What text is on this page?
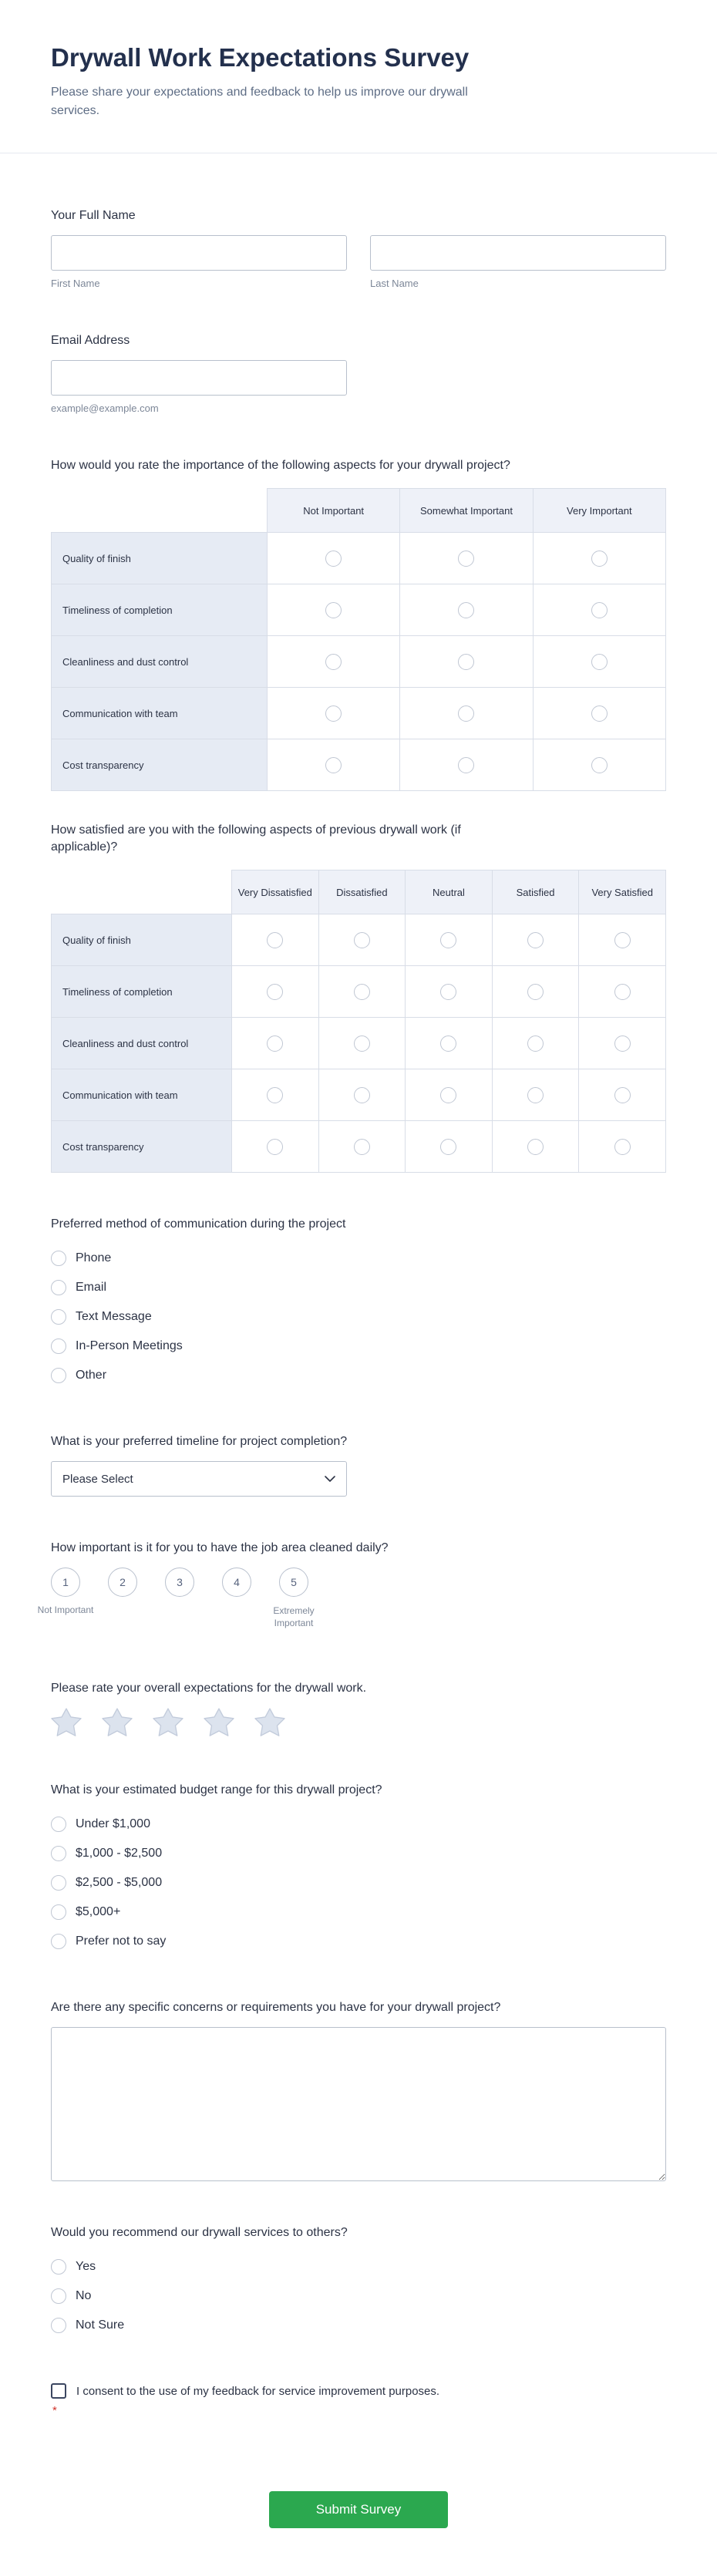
Drywall Work Expectations Survey
Please share your expectations and feedback to help us improve our drywall services.
Your Full Name
First Name	Last Name
Email Address
example@example.com
How would you rate the importance of the following aspects for your drywall project?
	Not Important	Somewhat Important	Very Important
Quality of finish			
Timeliness of completion			
Cleanliness and dust control			
Communication with team			
Cost transparency			
How satisfied are you with the following aspects of previous drywall work (if applicable)?
	Very Dissatisfied	Dissatisfied	Neutral	Satisfied	Very Satisfied
Quality of finish					
Timeliness of completion					
Cleanliness and dust control					
Communication with team					
Cost transparency					
Preferred method of communication during the project
Phone
Email
Text Message
In-Person Meetings
Other
What is your preferred timeline for project completion?
Please Select
How important is it for you to have the job area cleaned daily?
1	2	3	4	5
Not Important	Extremely Important
Please rate your overall expectations for the drywall work.
What is your estimated budget range for this drywall project?
Under $1,000
$1,000 - $2,500
$2,500 - $5,000
$5,000+
Prefer not to say
Are there any specific concerns or requirements you have for your drywall project?
Would you recommend our drywall services to others?
Yes
No
Not Sure
I consent to the use of my feedback for service improvement purposes.
*
Submit Survey
